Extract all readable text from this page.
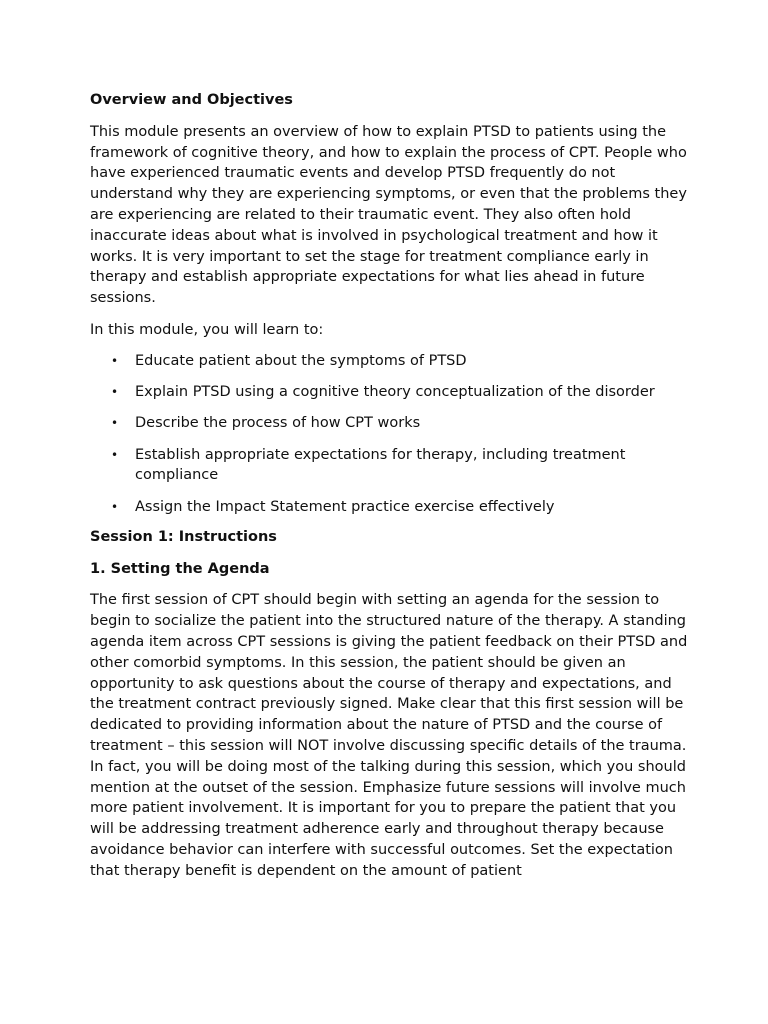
Overview and Objectives

This module presents an overview of how to explain PTSD to patients using the framework of cognitive theory, and how to explain the process of CPT. People who have experienced traumatic events and develop PTSD frequently do not understand why they are experiencing symptoms, or even that the problems they are experiencing are related to their traumatic event. They also often hold inaccurate ideas about what is involved in psychological treatment and how it works. It is very important to set the stage for treatment compliance early in therapy and establish appropriate expectations for what lies ahead in future sessions.

In this module, you will learn to:

• Educate patient about the symptoms of PTSD
• Explain PTSD using a cognitive theory conceptualization of the disorder
• Describe the process of how CPT works
• Establish appropriate expectations for therapy, including treatment compliance
• Assign the Impact Statement practice exercise effectively
Session 1: Instructions
1. Setting the Agenda

The first session of CPT should begin with setting an agenda for the session to begin to socialize the patient into the structured nature of the therapy. A standing agenda item across CPT sessions is giving the patient feedback on their PTSD and other comorbid symptoms. In this session, the patient should be given an opportunity to ask questions about the course of therapy and expectations, and the treatment contract previously signed. Make clear that this first session will be dedicated to providing information about the nature of PTSD and the course of treatment – this session will NOT involve discussing specific details of the trauma. In fact, you will be doing most of the talking during this session, which you should mention at the outset of the session. Emphasize future sessions will involve much more patient involvement. It is important for you to prepare the patient that you will be addressing treatment adherence early and throughout therapy because avoidance behavior can interfere with successful outcomes. Set the expectation that therapy benefit is dependent on the amount of patient
